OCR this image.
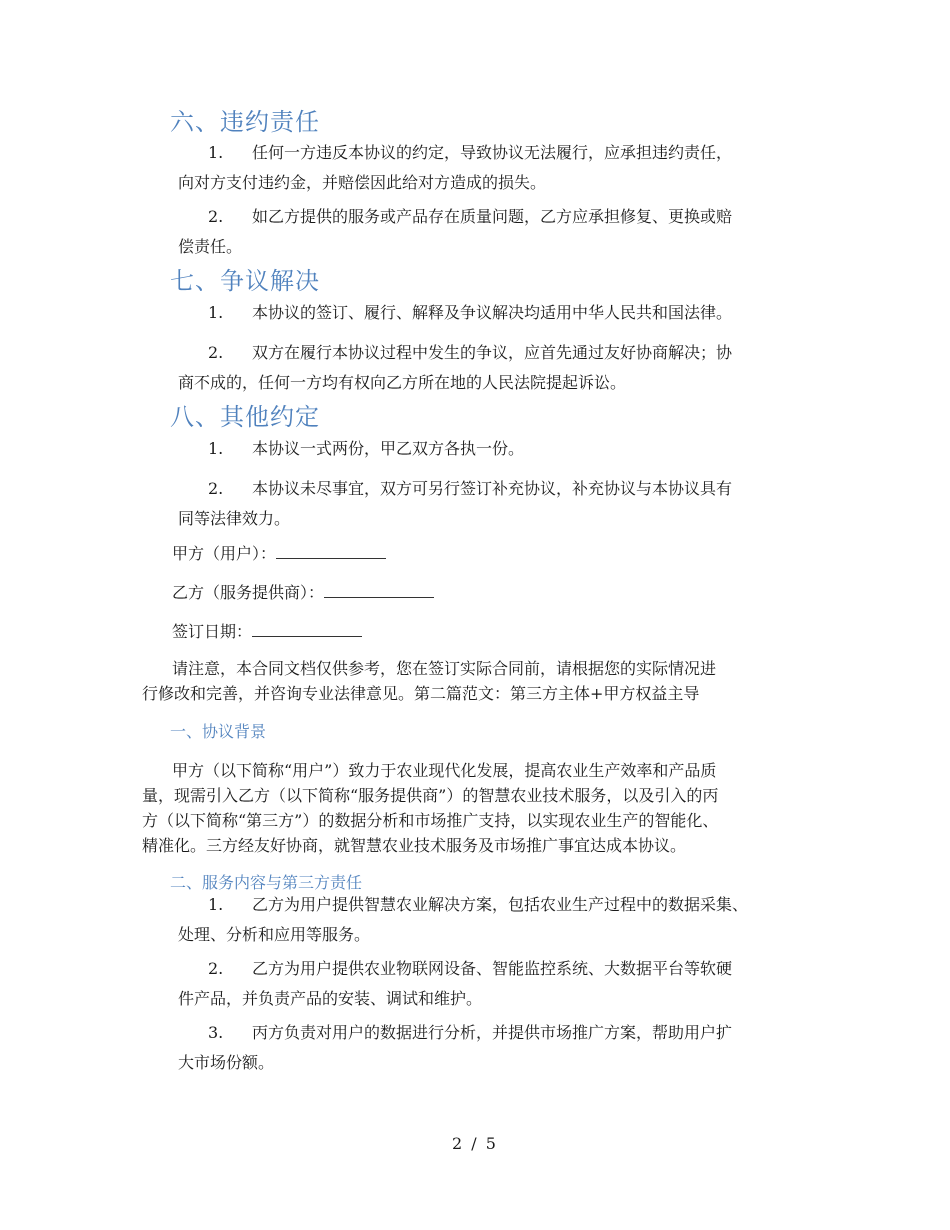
六、违约责任
1.	任何一方违反本协议的约定，导致协议无法履行，应承担违约责任，
向对方支付违约金，并赔偿因此给对方造成的损失。
2.	如乙方提供的服务或产品存在质量问题，乙方应承担修复、更换或赔
偿责任。
七、争议解决
1.	本协议的签订、履行、解释及争议解决均适用中华人民共和国法律。
2.	双方在履行本协议过程中发生的争议，应首先通过友好协商解决；协
商不成的，任何一方均有权向乙方所在地的人民法院提起诉讼。
八、其他约定
1.	本协议一式两份，甲乙双方各执一份。
2.	本协议未尽事宜，双方可另行签订补充协议，补充协议与本协议具有
同等法律效力。
甲方（用户）：
乙方（服务提供商）：
签订日期：
请注意，本合同文档仅供参考，您在签订实际合同前，请根据您的实际情况进
行修改和完善，并咨询专业法律意见。第二篇范文：第三方主体+甲方权益主导
一、协议背景
甲方（以下简称“用户”）致力于农业现代化发展，提高农业生产效率和产品质
量，现需引入乙方（以下简称“服务提供商”）的智慧农业技术服务，以及引入的丙
方（以下简称“第三方”）的数据分析和市场推广支持，以实现农业生产的智能化、
精准化。三方经友好协商，就智慧农业技术服务及市场推广事宜达成本协议。
二、服务内容与第三方责任
1.	乙方为用户提供智慧农业解决方案，包括农业生产过程中的数据采集、
处理、分析和应用等服务。
2.	乙方为用户提供农业物联网设备、智能监控系统、大数据平台等软硬
件产品，并负责产品的安装、调试和维护。
3.	丙方负责对用户的数据进行分析，并提供市场推广方案，帮助用户扩
大市场份额。
2 / 5
